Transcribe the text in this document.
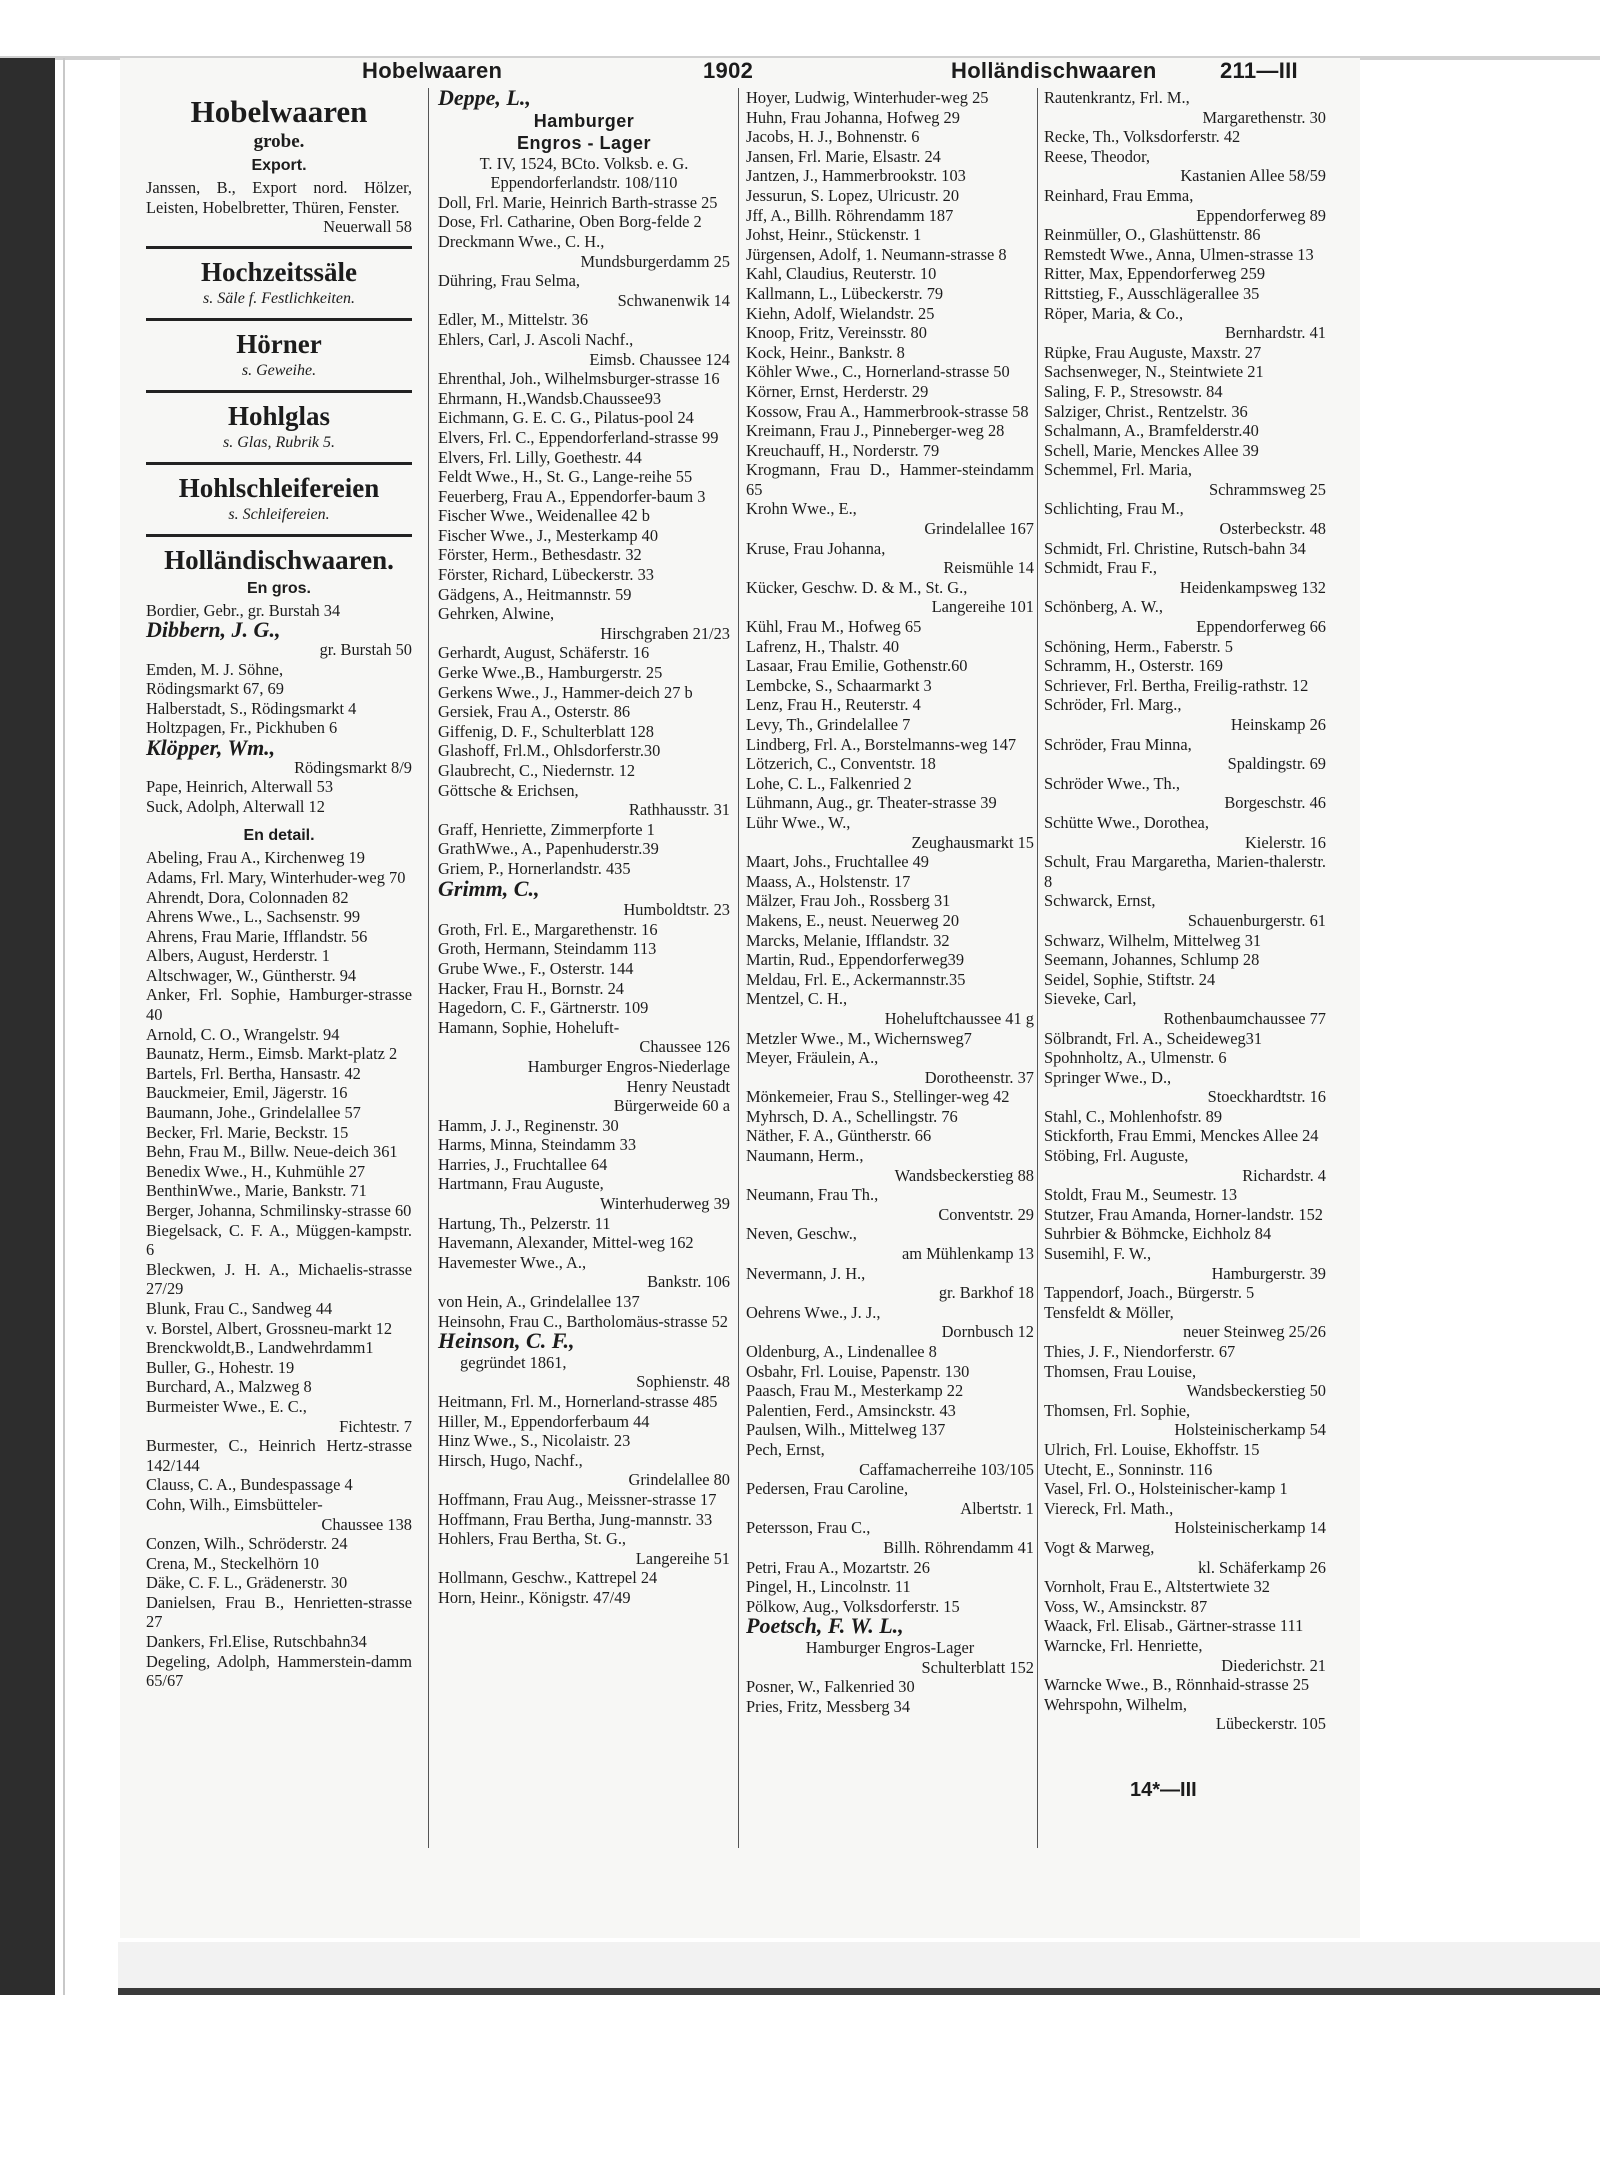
Hobelwaaren	1902	Holländischwaaren	211—III
Hobelwaaren
grobe.
Export.
Janssen, B., Export nord. Hölzer, Leisten, Hobelbretter, Thüren, Fenster.
Neuerwall 58
Hochzeitssäle
s. Säle f. Festlichkeiten.
Hörner
s. Geweihe.
Hohlglas
s. Glas, Rubrik 5.
Hohlschleifereien
s. Schleifereien.
Holländischwaaren.
En gros.
Bordier, Gebr., gr. Burstah 34
Dibbern, J. G.,
gr. Burstah 50
Emden, M. J. Söhne,
Rödingsmarkt 67, 69
Halberstadt, S., Rödingsmarkt 4
Holtzpagen, Fr., Pickhuben 6
Klöpper, Wm.,
Rödingsmarkt 8/9
Pape, Heinrich, Alterwall 53
Suck, Adolph, Alterwall 12
En detail.
Abeling, Frau A., Kirchenweg 19
Adams, Frl. Mary, Winterhuder-weg 70
Ahrendt, Dora, Colonnaden 82
Ahrens Wwe., L., Sachsenstr. 99
Ahrens, Frau Marie, Ifflandstr. 56
Albers, August, Herderstr. 1
Altschwager, W., Güntherstr. 94
Anker, Frl. Sophie, Hamburger-strasse 40
Arnold, C. O., Wrangelstr. 94
Baunatz, Herm., Eimsb. Markt-platz 2
Bartels, Frl. Bertha, Hansastr. 42
Bauckmeier, Emil, Jägerstr. 16
Baumann, Johe., Grindelallee 57
Becker, Frl. Marie, Beckstr. 15
Behn, Frau M., Billw. Neue-deich 361
Benedix Wwe., H., Kuhmühle 27
BenthinWwe., Marie, Bankstr. 71
Berger, Johanna, Schmilinsky-strasse 60
Biegelsack, C. F. A., Müggen-kampstr. 6
Bleckwen, J. H. A., Michaelis-strasse 27/29
Blunk, Frau C., Sandweg 44
v. Borstel, Albert, Grossneu-markt 12
Brenckwoldt,B., Landwehrdamm1
Buller, G., Hohestr. 19
Burchard, A., Malzweg 8
Burmeister Wwe., E. C.,
Fichtestr. 7
Burmester, C., Heinrich Hertz-strasse 142/144
Clauss, C. A., Bundespassage 4
Cohn, Wilh., Eimsbütteler-
Chaussee 138
Conzen, Wilh., Schröderstr. 24
Crena, M., Steckelhörn 10
Däke, C. F. L., Grädenerstr. 30
Danielsen, Frau B., Henrietten-strasse 27
Dankers, Frl.Elise, Rutschbahn34
Degeling, Adolph, Hammerstein-damm 65/67
Deppe, L.,
Hamburger
Engros - Lager
T. IV, 1524, BCto. Volksb. e. G.
Eppendorferlandstr. 108/110
Doll, Frl. Marie, Heinrich Barth-strasse 25
Dose, Frl. Catharine, Oben Borg-felde 2
Dreckmann Wwe., C. H.,
Mundsburgerdamm 25
Dühring, Frau Selma,
Schwanenwik 14
Edler, M., Mittelstr. 36
Ehlers, Carl, J. Ascoli Nachf.,
Eimsb. Chaussee 124
Ehrenthal, Joh., Wilhelmsburger-strasse 16
Ehrmann, H.,Wandsb.Chaussee93
Eichmann, G. E. C. G., Pilatus-pool 24
Elvers, Frl. C., Eppendorferland-strasse 99
Elvers, Frl. Lilly, Goethestr. 44
Feldt Wwe., H., St. G., Lange-reihe 55
Feuerberg, Frau A., Eppendorfer-baum 3
Fischer Wwe., Weidenallee 42 b
Fischer Wwe., J., Mesterkamp 40
Förster, Herm., Bethesdastr. 32
Förster, Richard, Lübeckerstr. 33
Gädgens, A., Heitmannstr. 59
Gehrken, Alwine,
Hirschgraben 21/23
Gerhardt, August, Schäferstr. 16
Gerke Wwe.,B., Hamburgerstr. 25
Gerkens Wwe., J., Hammer-deich 27 b
Gersiek, Frau A., Osterstr. 86
Giffenig, D. F., Schulterblatt 128
Glashoff, Frl.M., Ohlsdorferstr.30
Glaubrecht, C., Niedernstr. 12
Göttsche & Erichsen,
Rathhausstr. 31
Graff, Henriette, Zimmerpforte 1
GrathWwe., A., Papenhuderstr.39
Griem, P., Hornerlandstr. 435
Grimm, C.,
Humboldtstr. 23
Groth, Frl. E., Margarethenstr. 16
Groth, Hermann, Steindamm 113
Grube Wwe., F., Osterstr. 144
Hacker, Frau H., Bornstr. 24
Hagedorn, C. F., Gärtnerstr. 109
Hamann, Sophie, Hoheluft-
Chaussee 126
Hamburger Engros-Niederlage
Henry Neustadt
Bürgerweide 60 a
Hamm, J. J., Reginenstr. 30
Harms, Minna, Steindamm 33
Harries, J., Fruchtallee 64
Hartmann, Frau Auguste,
Winterhuderweg 39
Hartung, Th., Pelzerstr. 11
Havemann, Alexander, Mittel-weg 162
Havemester Wwe., A.,
Bankstr. 106
von Hein, A., Grindelallee 137
Heinsohn, Frau C., Bartholomäus-strasse 52
Heinson, C. F.,
gegründet 1861,
Sophienstr. 48
Heitmann, Frl. M., Hornerland-strasse 485
Hiller, M., Eppendorferbaum 44
Hinz Wwe., S., Nicolaistr. 23
Hirsch, Hugo, Nachf.,
Grindelallee 80
Hoffmann, Frau Aug., Meissner-strasse 17
Hoffmann, Frau Bertha, Jung-mannstr. 33
Hohlers, Frau Bertha, St. G.,
Langereihe 51
Hollmann, Geschw., Kattrepel 24
Horn, Heinr., Königstr. 47/49
Hoyer, Ludwig, Winterhuder-weg 25
Huhn, Frau Johanna, Hofweg 29
Jacobs, H. J., Bohnenstr. 6
Jansen, Frl. Marie, Elsastr. 24
Jantzen, J., Hammerbrookstr. 103
Jessurun, S. Lopez, Ulricustr. 20
Jff, A., Billh. Röhrendamm 187
Johst, Heinr., Stückenstr. 1
Jürgensen, Adolf, 1. Neumann-strasse 8
Kahl, Claudius, Reuterstr. 10
Kallmann, L., Lübeckerstr. 79
Kiehn, Adolf, Wielandstr. 25
Knoop, Fritz, Vereinsstr. 80
Kock, Heinr., Bankstr. 8
Köhler Wwe., C., Hornerland-strasse 50
Körner, Ernst, Herderstr. 29
Kossow, Frau A., Hammerbrook-strasse 58
Kreimann, Frau J., Pinneberger-weg 28
Kreuchauff, H., Norderstr. 79
Krogmann, Frau D., Hammer-steindamm 65
Krohn Wwe., E.,
Grindelallee 167
Kruse, Frau Johanna,
Reismühle 14
Kücker, Geschw. D. & M., St. G.,
Langereihe 101
Kühl, Frau M., Hofweg 65
Lafrenz, H., Thalstr. 40
Lasaar, Frau Emilie, Gothenstr.60
Lembcke, S., Schaarmarkt 3
Lenz, Frau H., Reuterstr. 4
Levy, Th., Grindelallee 7
Lindberg, Frl. A., Borstelmanns-weg 147
Lötzerich, C., Conventstr. 18
Lohe, C. L., Falkenried 2
Lühmann, Aug., gr. Theater-strasse 39
Lühr Wwe., W.,
Zeughausmarkt 15
Maart, Johs., Fruchtallee 49
Maass, A., Holstenstr. 17
Mälzer, Frau Joh., Rossberg 31
Makens, E., neust. Neuerweg 20
Marcks, Melanie, Ifflandstr. 32
Martin, Rud., Eppendorferweg39
Meldau, Frl. E., Ackermannstr.35
Mentzel, C. H.,
Hoheluftchaussee 41 g
Metzler Wwe., M., Wichernsweg7
Meyer, Fräulein, A.,
Dorotheenstr. 37
Mönkemeier, Frau S., Stellinger-weg 42
Myhrsch, D. A., Schellingstr. 76
Näther, F. A., Güntherstr. 66
Naumann, Herm.,
Wandsbeckerstieg 88
Neumann, Frau Th.,
Conventstr. 29
Neven, Geschw.,
am Mühlenkamp 13
Nevermann, J. H.,
gr. Barkhof 18
Oehrens Wwe., J. J.,
Dornbusch 12
Oldenburg, A., Lindenallee 8
Osbahr, Frl. Louise, Papenstr. 130
Paasch, Frau M., Mesterkamp 22
Palentien, Ferd., Amsinckstr. 43
Paulsen, Wilh., Mittelweg 137
Pech, Ernst,
Caffamacherreihe 103/105
Pedersen, Frau Caroline,
Albertstr. 1
Petersson, Frau C.,
Billh. Röhrendamm 41
Petri, Frau A., Mozartstr. 26
Pingel, H., Lincolnstr. 11
Pölkow, Aug., Volksdorferstr. 15
Poetsch, F. W. L.,
Hamburger Engros-Lager
Schulterblatt 152
Posner, W., Falkenried 30
Pries, Fritz, Messberg 34
Rautenkrantz, Frl. M.,
Margarethenstr. 30
Recke, Th., Volksdorferstr. 42
Reese, Theodor,
Kastanien Allee 58/59
Reinhard, Frau Emma,
Eppendorferweg 89
Reinmüller, O., Glashüttenstr. 86
Remstedt Wwe., Anna, Ulmen-strasse 13
Ritter, Max, Eppendorferweg 259
Rittstieg, F., Ausschlägerallee 35
Röper, Maria, & Co.,
Bernhardstr. 41
Rüpke, Frau Auguste, Maxstr. 27
Sachsenweger, N., Steintwiete 21
Saling, F. P., Stresowstr. 84
Salziger, Christ., Rentzelstr. 36
Schalmann, A., Bramfelderstr.40
Schell, Marie, Menckes Allee 39
Schemmel, Frl. Maria,
Schrammsweg 25
Schlichting, Frau M.,
Osterbeckstr. 48
Schmidt, Frl. Christine, Rutsch-bahn 34
Schmidt, Frau F.,
Heidenkampsweg 132
Schönberg, A. W.,
Eppendorferweg 66
Schöning, Herm., Faberstr. 5
Schramm, H., Osterstr. 169
Schriever, Frl. Bertha, Freilig-rathstr. 12
Schröder, Frl. Marg.,
Heinskamp 26
Schröder, Frau Minna,
Spaldingstr. 69
Schröder Wwe., Th.,
Borgeschstr. 46
Schütte Wwe., Dorothea,
Kielerstr. 16
Schult, Frau Margaretha, Marien-thalerstr. 8
Schwarck, Ernst,
Schauenburgerstr. 61
Schwarz, Wilhelm, Mittelweg 31
Seemann, Johannes, Schlump 28
Seidel, Sophie, Stiftstr. 24
Sieveke, Carl,
Rothenbaumchaussee 77
Sölbrandt, Frl. A., Scheideweg31
Spohnholtz, A., Ulmenstr. 6
Springer Wwe., D.,
Stoeckhardtstr. 16
Stahl, C., Mohlenhofstr. 89
Stickforth, Frau Emmi, Menckes Allee 24
Stöbing, Frl. Auguste,
Richardstr. 4
Stoldt, Frau M., Seumestr. 13
Stutzer, Frau Amanda, Horner-landstr. 152
Suhrbier & Böhmcke, Eichholz 84
Susemihl, F. W.,
Hamburgerstr. 39
Tappendorf, Joach., Bürgerstr. 5
Tensfeldt & Möller,
neuer Steinweg 25/26
Thies, J. F., Niendorferstr. 67
Thomsen, Frau Louise,
Wandsbeckerstieg 50
Thomsen, Frl. Sophie,
Holsteinischerkamp 54
Ulrich, Frl. Louise, Ekhoffstr. 15
Utecht, E., Sonninstr. 116
Vasel, Frl. O., Holsteinischer-kamp 1
Viereck, Frl. Math.,
Holsteinischerkamp 14
Vogt & Marweg,
kl. Schäferkamp 26
Vornholt, Frau E., Altstertwiete 32
Voss, W., Amsinckstr. 87
Waack, Frl. Elisab., Gärtner-strasse 111
Warncke, Frl. Henriette,
Diederichstr. 21
Warncke Wwe., B., Rönnhaid-strasse 25
Wehrspohn, Wilhelm,
Lübeckerstr. 105
14*—III
